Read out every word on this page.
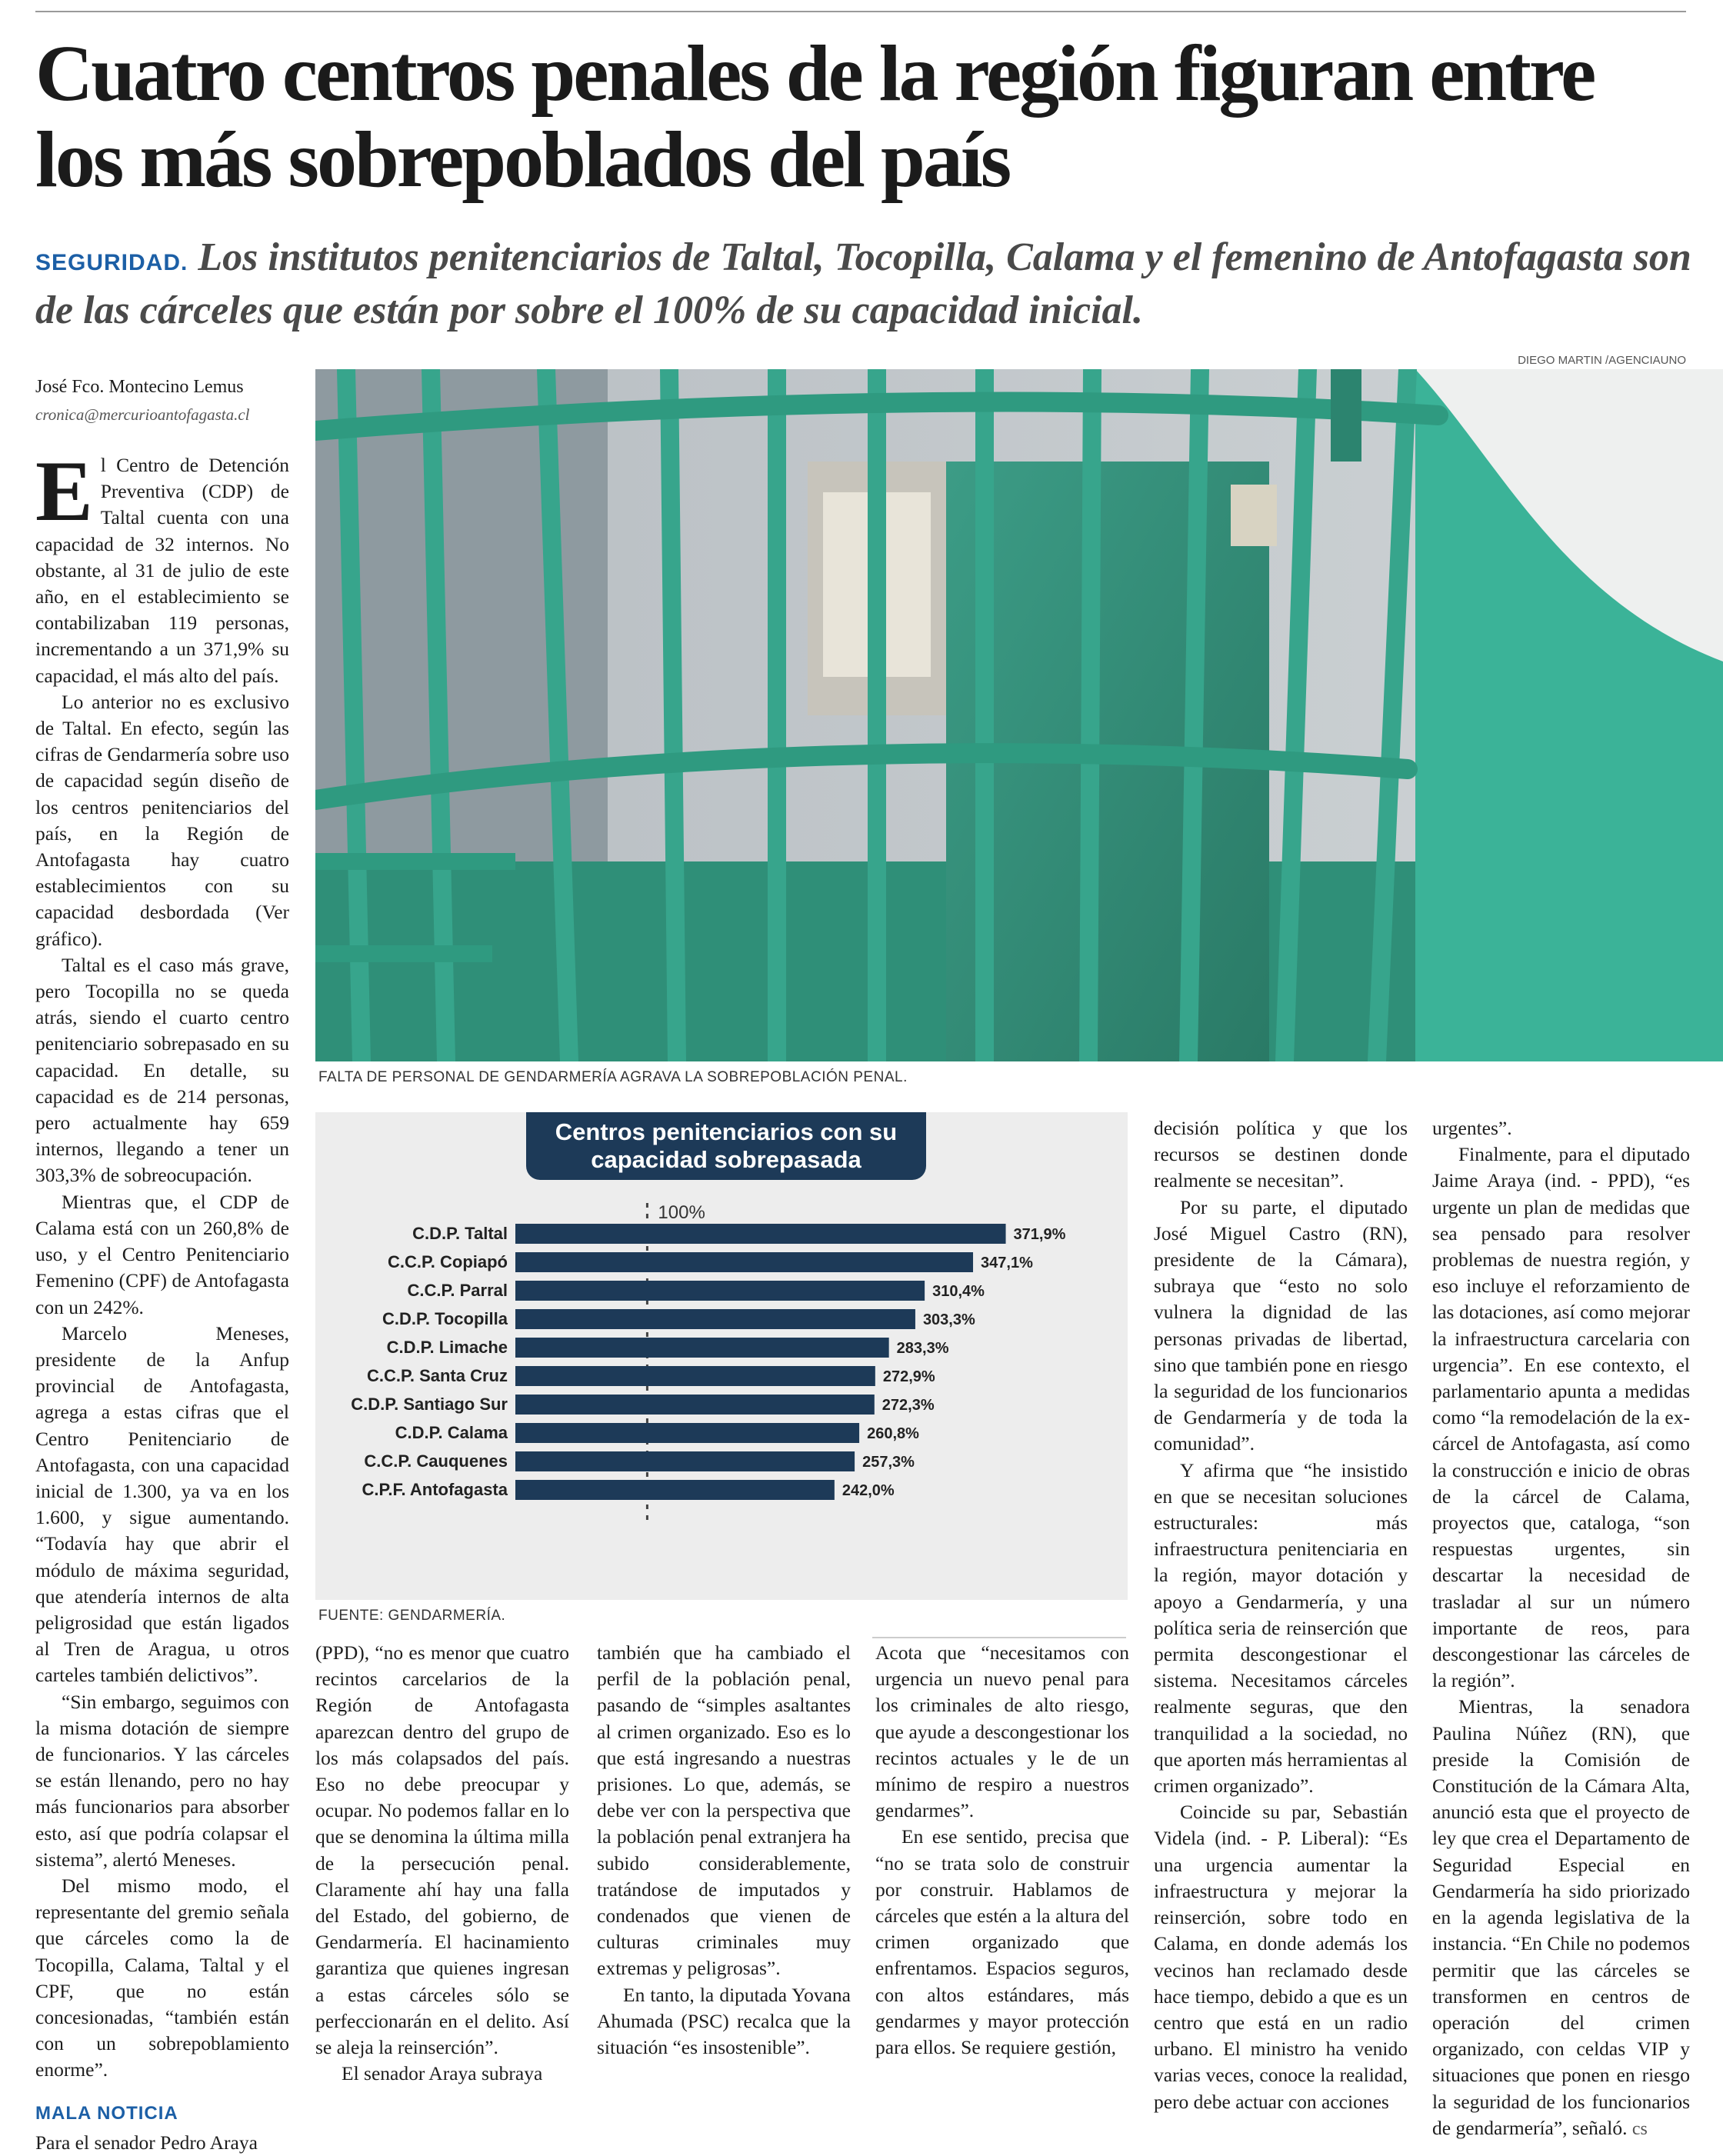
Cuatro centros penales de la región figuran entre los más sobrepoblados del país
SEGURIDAD. Los institutos penitenciarios de Taltal, Tocopilla, Calama y el femenino de Antofagasta son de las cárceles que están por sobre el 100% de su capacidad inicial.
José Fco. Montecino Lemus
cronica@mercurioantofagasta.cl

El Centro de Detención Preventiva (CDP) de Taltal cuenta con una capacidad de 32 internos. No obstante, al 31 de julio de este año, en el establecimiento se contabilizaban 119 personas, incrementando a un 371,9% su capacidad, el más alto del país.

Lo anterior no es exclusivo de Taltal. En efecto, según las cifras de Gendarmería sobre uso de capacidad según diseño de los centros penitenciarios del país, en la Región de Antofagasta hay cuatro establecimientos con su capacidad desbordada (Ver gráfico).

Taltal es el caso más grave, pero Tocopilla no se queda atrás, siendo el cuarto centro penitenciario sobrepasado en su capacidad. En detalle, su capacidad es de 214 personas, pero actualmente hay 659 internos, llegando a tener un 303,3% de sobreocupación.

Mientras que, el CDP de Calama está con un 260,8% de uso, y el Centro Penitenciario Femenino (CPF) de Antofagasta con un 242%.

Marcelo Meneses, presidente de la Anfup provincial de Antofagasta, agrega a estas cifras que el Centro Penitenciario de Antofagasta, con una capacidad inicial de 1.300, ya va en los 1.600, y sigue aumentando. “Todavía hay que abrir el módulo de máxima seguridad, que atendería internos de alta peligrosidad que están ligados al Tren de Aragua, u otros carteles también delictivos”.

“Sin embargo, seguimos con la misma dotación de siempre de funcionarios. Y las cárceles se están llenando, pero no hay más funcionarios para absorber esto, así que podría colapsar el sistema”, alertó Meneses.

Del mismo modo, el representante del gremio señala que cárceles como la de Tocopilla, Calama, Taltal y el CPF, que no están concesionadas, “también están con un sobrepoblamiento enorme”.

MALA NOTICIA

Para el senador Pedro Araya

DIEGO MARTIN /AGENCIAUNO
FALTA DE PERSONAL DE GENDARMERÍA AGRAVA LA SOBREPOBLACIÓN PENAL.
Centros penitenciarios con su capacidad sobrepasada
100%
C.D.P. Taltal	371,9%
C.C.P. Copiapó	347,1%
C.C.P. Parral	310,4%
C.D.P. Tocopilla	303,3%
C.D.P. Limache	283,3%
C.C.P. Santa Cruz	272,9%
C.D.P. Santiago Sur	272,3%
C.D.P. Calama	260,8%
C.C.P. Cauquenes	257,3%
C.P.F. Antofagasta	242,0%
FUENTE: GENDARMERÍA.

(PPD), “no es menor que cuatro recintos carcelarios de la Región de Antofagasta aparezcan dentro del grupo de los más colapsados del país. Eso no debe preocupar y ocupar. No podemos fallar en lo que se denomina la última milla de la persecución penal. Claramente ahí hay una falla del Estado, del gobierno, de Gendarmería. El hacinamiento garantiza que quienes ingresan a estas cárceles sólo se perfeccionarán en el delito. Así se aleja la reinserción”.

El senador Araya subraya

también que ha cambiado el perfil de la población penal, pasando de “simples asaltantes al crimen organizado. Eso es lo que está ingresando a nuestras prisiones. Lo que, además, se debe ver con la perspectiva que la población penal extranjera ha subido considerablemente, tratándose de imputados y condenados que vienen de culturas criminales muy extremas y peligrosas”.

En tanto, la diputada Yovana Ahumada (PSC) recalca que la situación “es insostenible”.

Acota que “necesitamos con urgencia un nuevo penal para los criminales de alto riesgo, que ayude a descongestionar los recintos actuales y le de un mínimo de respiro a nuestros gendarmes”.

En ese sentido, precisa que “no se trata solo de construir por construir. Hablamos de cárceles que estén a la altura del crimen organizado que enfrentamos. Espacios seguros, con altos estándares, más gendarmes y mayor protección para ellos. Se requiere gestión,

decisión política y que los recursos se destinen donde realmente se necesitan”.

Por su parte, el diputado José Miguel Castro (RN), presidente de la Cámara), subraya que “esto no solo vulnera la dignidad de las personas privadas de libertad, sino que también pone en riesgo la seguridad de los funcionarios de Gendarmería y de toda la comunidad”.

Y afirma que “he insistido en que se necesitan soluciones estructurales: más infraestructura penitenciaria en la región, mayor dotación y apoyo a Gendarmería, y una política seria de reinserción que permita descongestionar el sistema. Necesitamos cárceles realmente seguras, que den tranquilidad a la sociedad, no que aporten más herramientas al crimen organizado”.

Coincide su par, Sebastián Videla (ind. - P. Liberal): “Es una urgencia aumentar la infraestructura y mejorar la reinserción, sobre todo en Calama, en donde además los vecinos han reclamado desde hace tiempo, debido a que es un centro que está en un radio urbano. El ministro ha venido varias veces, conoce la realidad, pero debe actuar con acciones

urgentes”.

Finalmente, para el diputado Jaime Araya (ind. - PPD), “es urgente un plan de medidas que sea pensado para resolver problemas de nuestra región, y eso incluye el reforzamiento de las dotaciones, así como mejorar la infraestructura carcelaria con urgencia”. En ese contexto, el parlamentario apunta a medidas como “la remodelación de la ex-cárcel de Antofagasta, así como la construcción e inicio de obras de la cárcel de Calama, proyectos que, cataloga, “son respuestas urgentes, sin descartar la necesidad de trasladar al sur un número importante de reos, para descongestionar las cárceles de la región”.

Mientras, la senadora Paulina Núñez (RN), que preside la Comisión de Constitución de la Cámara Alta, anunció esta que el proyecto de ley que crea el Departamento de Seguridad Especial en Gendarmería ha sido priorizado en la agenda legislativa de la instancia. “En Chile no podemos permitir que las cárceles se transformen en centros de operación del crimen organizado, con celdas VIP y situaciones que ponen en riesgo la seguridad de los funcionarios de gendarmería”, señaló. cs
